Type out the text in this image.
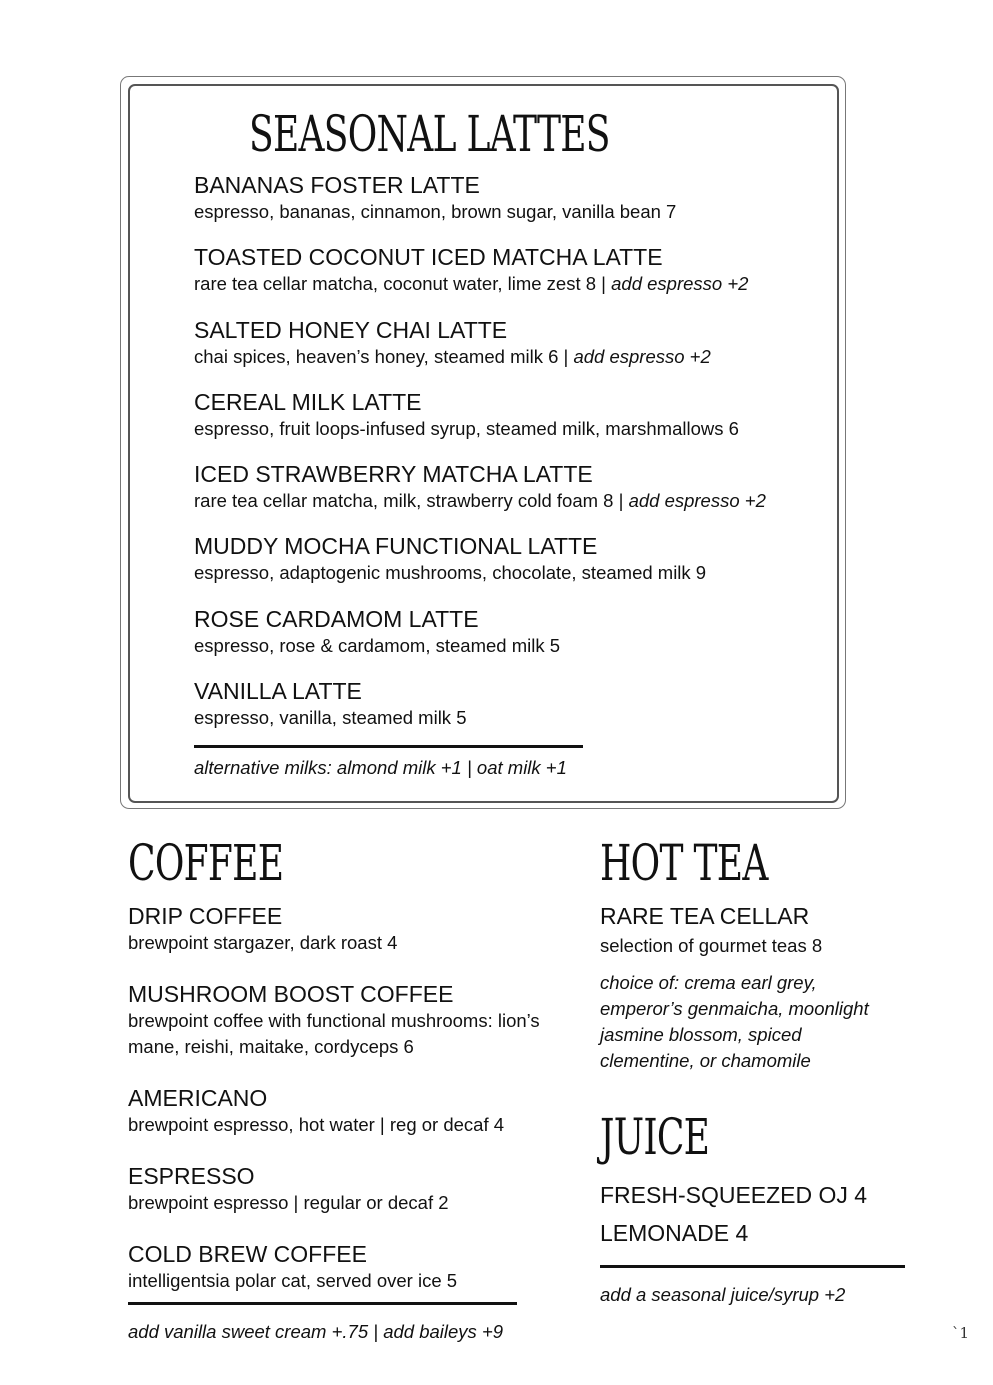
SEASONAL LATTES
BANANAS FOSTER LATTE
espresso, bananas, cinnamon, brown sugar, vanilla bean 7
TOASTED COCONUT ICED MATCHA LATTE
rare tea cellar matcha, coconut water, lime zest 8 | add espresso +2
SALTED HONEY CHAI LATTE
chai spices, heaven’s honey, steamed milk 6 | add espresso +2
CEREAL MILK LATTE
espresso, fruit loops-infused syrup, steamed milk, marshmallows 6
ICED STRAWBERRY MATCHA LATTE
rare tea cellar matcha, milk, strawberry cold foam 8 | add espresso +2
MUDDY MOCHA FUNCTIONAL LATTE
espresso, adaptogenic mushrooms, chocolate, steamed milk 9
ROSE CARDAMOM LATTE
espresso, rose & cardamom, steamed milk 5
VANILLA LATTE
espresso, vanilla, steamed milk 5
alternative milks: almond milk +1 | oat milk +1
COFFEE
DRIP COFFEE
brewpoint stargazer, dark roast 4
MUSHROOM BOOST COFFEE
brewpoint coffee with functional mushrooms: lion’s mane, reishi, maitake, cordyceps 6
AMERICANO
brewpoint espresso, hot water | reg or decaf 4
ESPRESSO
brewpoint espresso | regular or decaf 2
COLD BREW COFFEE
intelligentsia polar cat, served over ice 5
add vanilla sweet cream +.75 | add baileys +9
HOT TEA
RARE TEA CELLAR
selection of gourmet teas 8
choice of: crema earl grey, emperor’s genmaicha, moonlight jasmine blossom, spiced clementine, or chamomile
JUICE
FRESH-SQUEEZED OJ 4
LEMONADE 4
add a seasonal juice/syrup +2
`1
